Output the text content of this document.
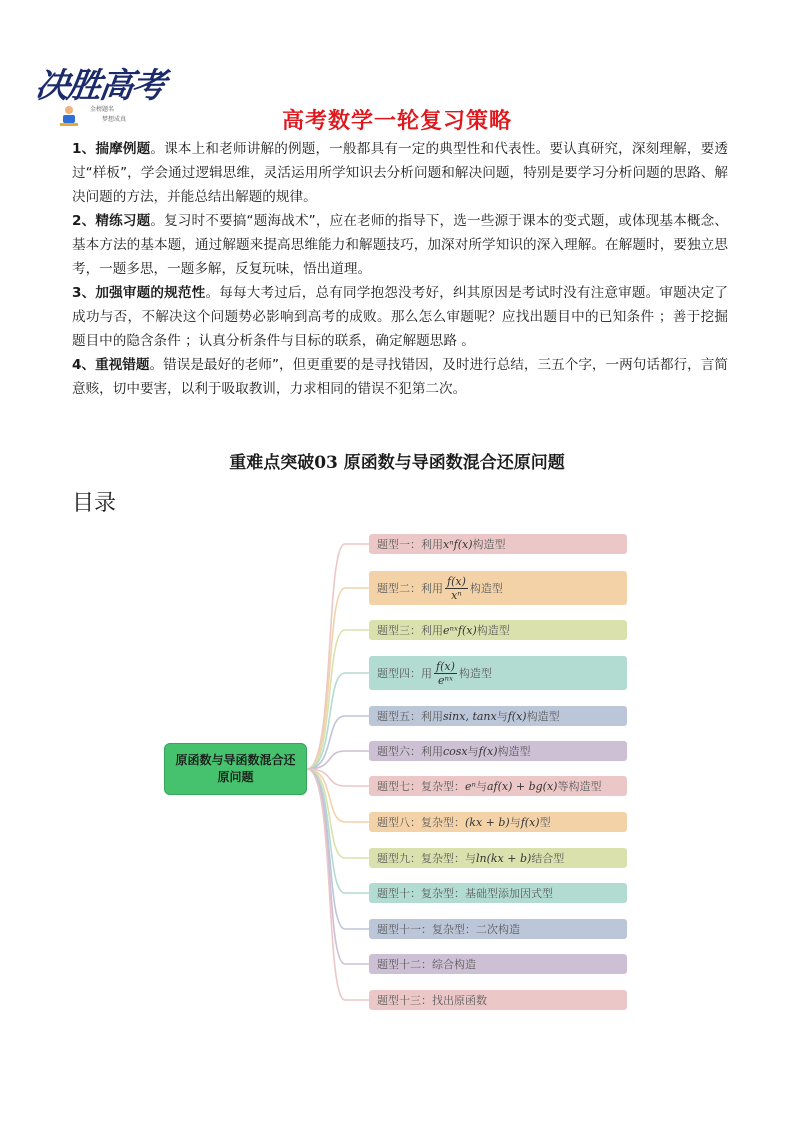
决胜高考
金榜题名
梦想成真	高考数学一轮复习策略

1、揣摩例题。课本上和老师讲解的例题，一般都具有一定的典型性和代表性。要认真研究，深刻理解，要透过“样板”，学会通过逻辑思维，灵活运用所学知识去分析问题和解决问题，特别是要学习分析问题的思路、解决问题的方法，并能总结出解题的规律。

2、精练习题。复习时不要搞“题海战术”，应在老师的指导下，选一些源于课本的变式题，或体现基本概念、基本方法的基本题，通过解题来提高思维能力和解题技巧，加深对所学知识的深入理解。在解题时，要独立思考，一题多思，一题多解，反复玩味，悟出道理。

3、加强审题的规范性。每每大考过后，总有同学抱怨没考好，纠其原因是考试时没有注意审题。审题决定了成功与否，不解决这个问题势必影响到高考的成败。那么怎么审题呢？应找出题目中的已知条件 ；善于挖掘题目中的隐含条件 ；认真分析条件与目标的联系，确定解题思路 。

4、重视错题。错误是最好的老师”，但更重要的是寻找错因，及时进行总结，三五个字，一两句话都行，言简意赅，切中要害，以利于吸取教训，力求相同的错误不犯第二次。

重难点突破03 原函数与导函数混合还原问题
目录
原函数与导函数混合还原问题
题型一：利用 xⁿf(x) 构造型
题型二：利用 $\frac{f(x)}{\text{xⁿ}}$ 构造型
题型三：利用 eⁿˣf(x) 构造型
题型四：用 $\frac{f(x)}{\text{eⁿˣ}}$ 构造型
题型五：利用 sinx, tanx 与 f(x) 构造型
题型六：利用 cosx 与 f(x) 构造型
题型七：复杂型： eⁿ 与 af(x) + bg(x) 等构造型
题型八：复杂型： (kx + b) 与 f(x) 型
题型九：复杂型：与 ln(kx + b) 结合型
题型十：复杂型：基础型添加因式型
题型十一：复杂型：二次构造
题型十二：综合构造
题型十三：找出原函数
